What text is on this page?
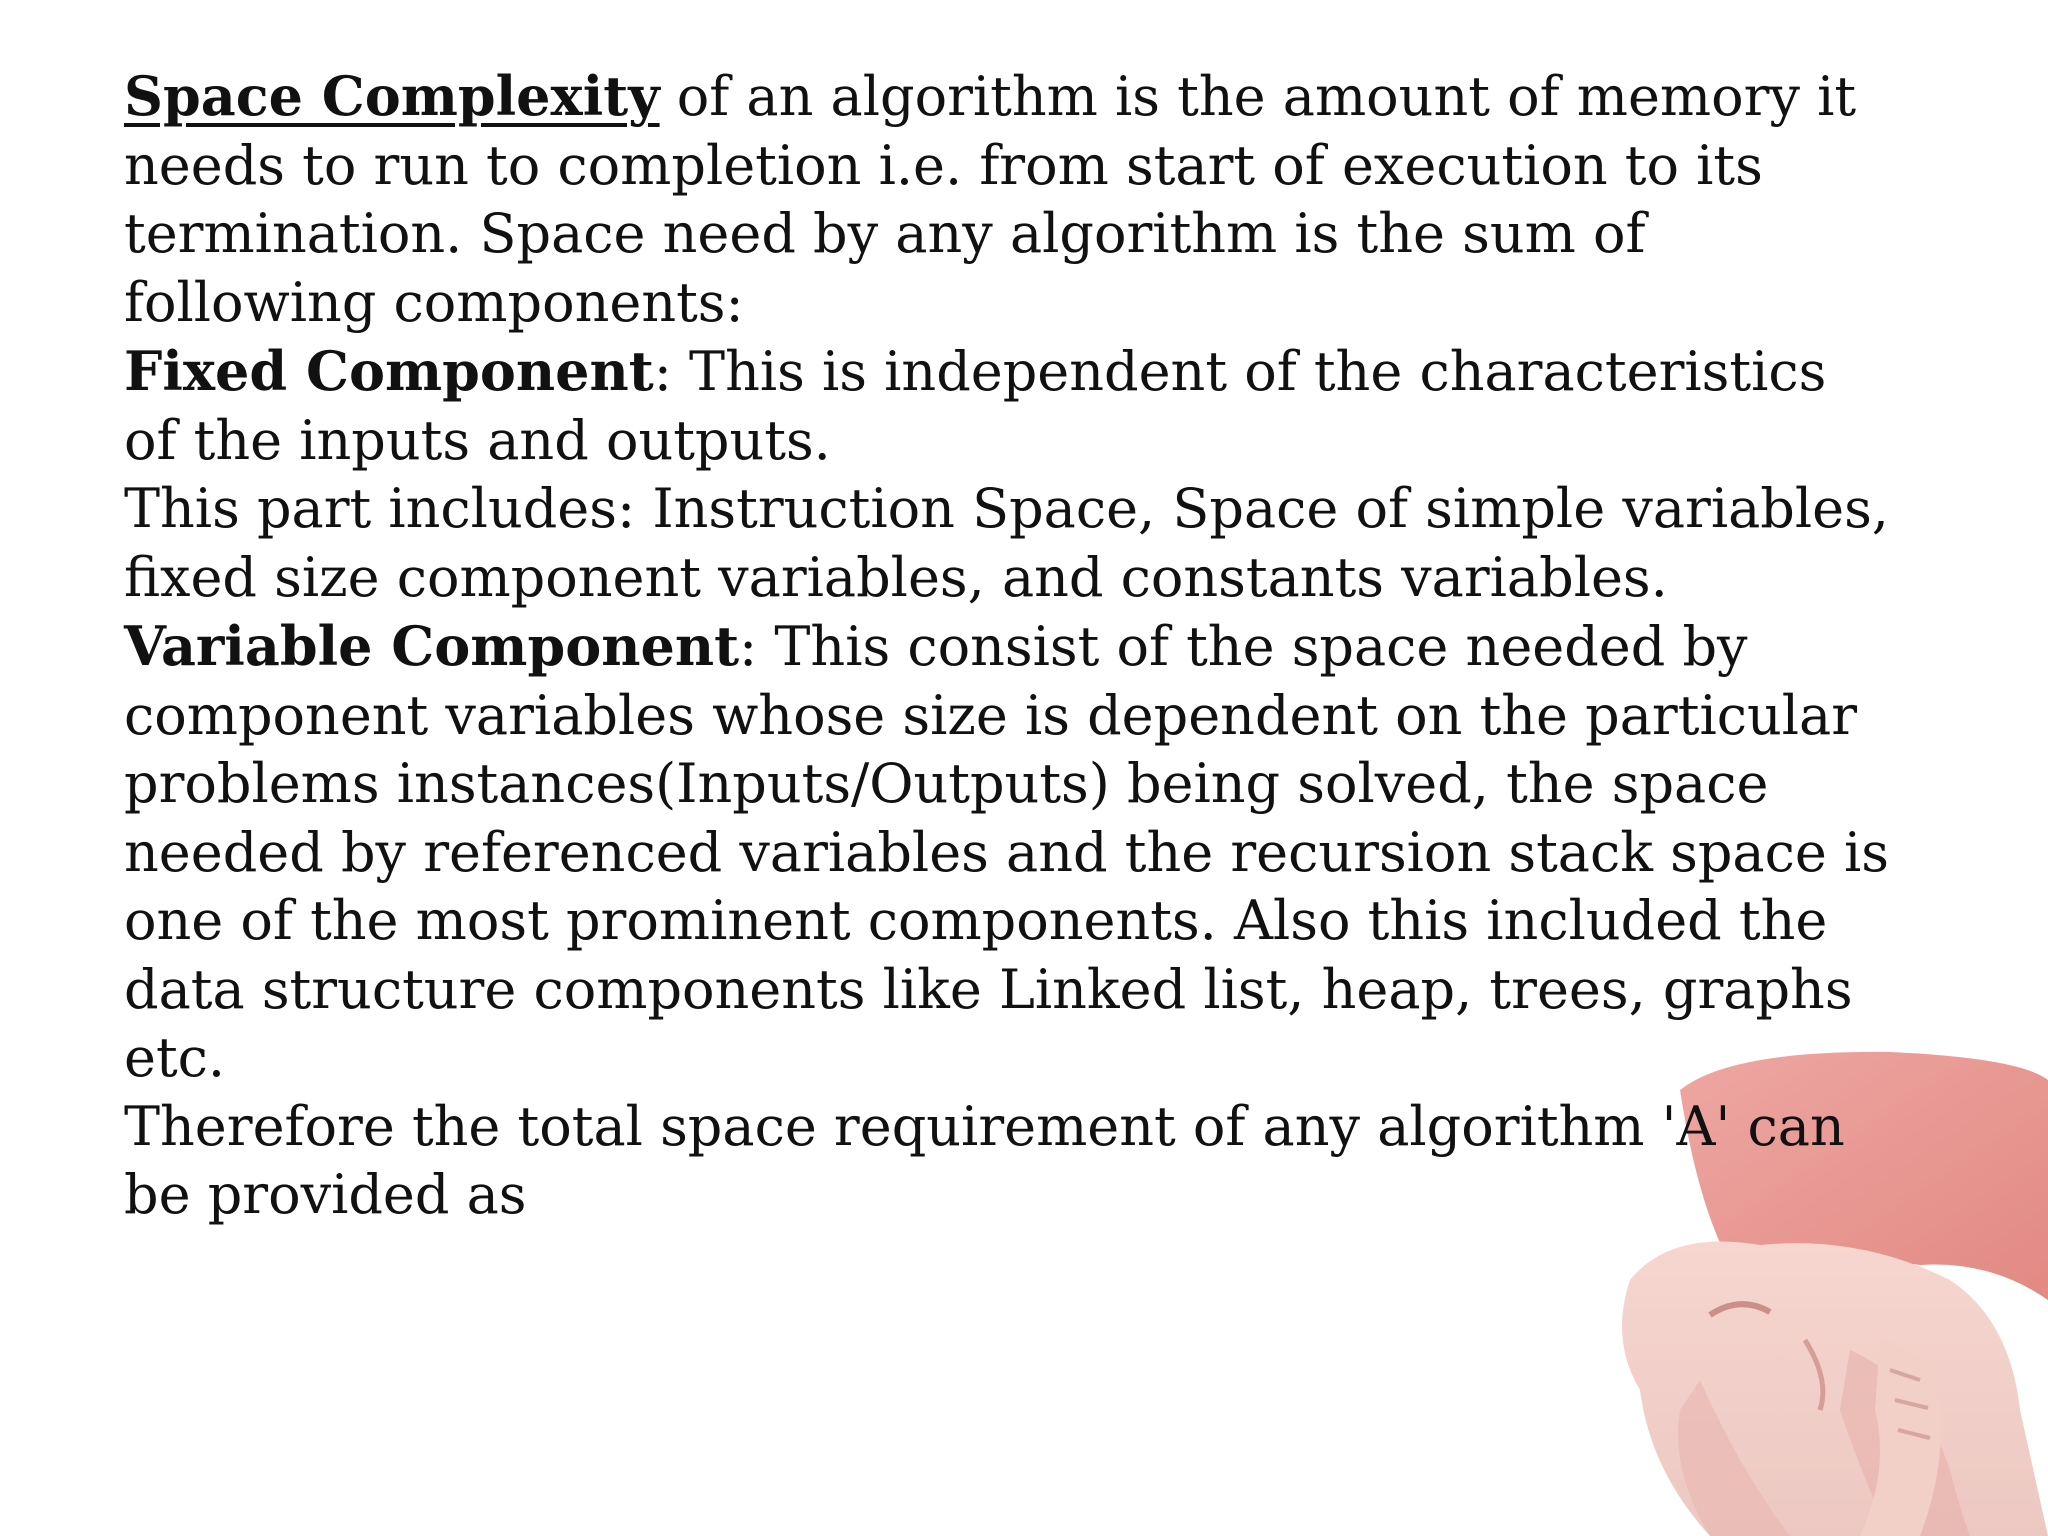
Space Complexity of an algorithm is the amount of memory it needs to run to completion i.e. from start of execution to its termination. Space need by any algorithm is the sum of following components:

Fixed Component: This is independent of the characteristics of the inputs and outputs.

This part includes: Instruction Space, Space of simple variables, fixed size component variables, and constants variables.

Variable Component: This consist of the space needed by component variables whose size is dependent on the particular problems instances(Inputs/Outputs) being solved, the space needed by referenced variables and the recursion stack space is one of the most prominent components. Also this included the data structure components like Linked list, heap, trees, graphs etc.

Therefore the total space requirement of any algorithm 'A' can be provided as
